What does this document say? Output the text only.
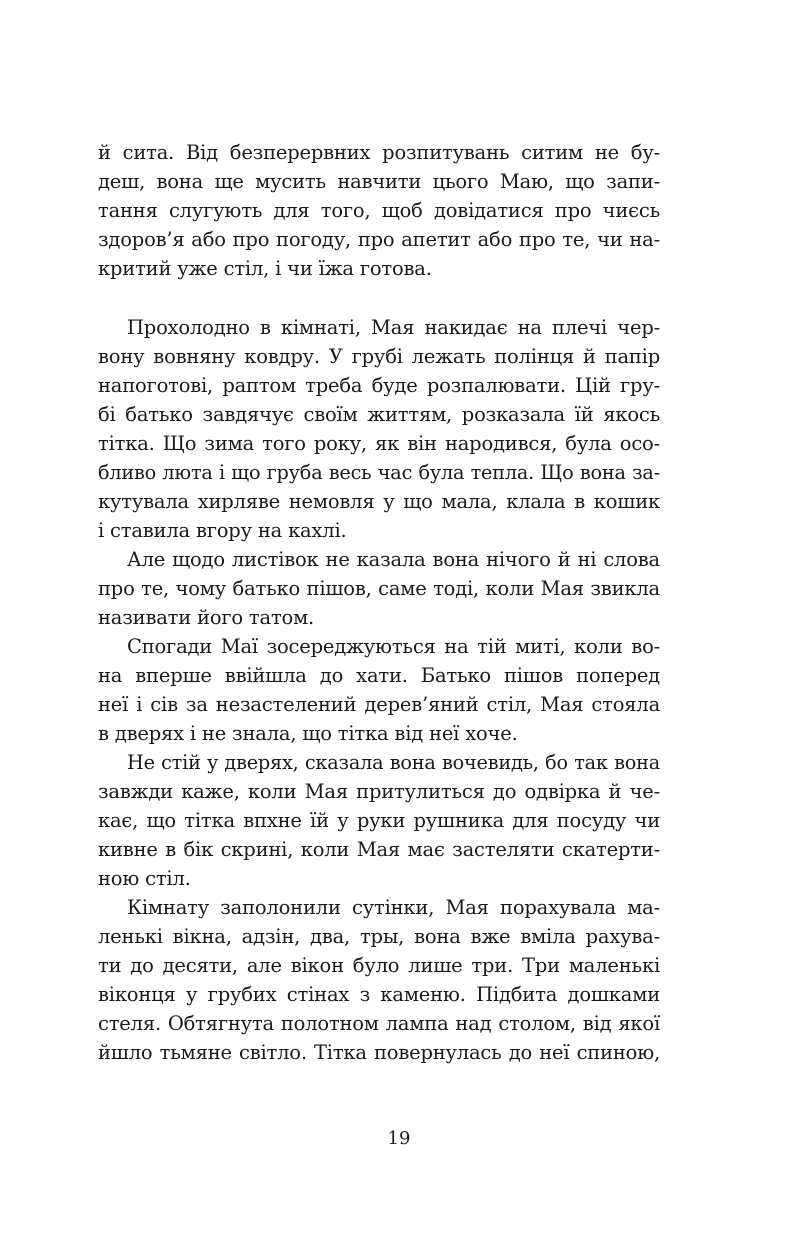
й сита. Від безперервних розпитувань ситим не бу-
деш, вона ще мусить навчити цього Маю, що запи-
тання слугують для того, щоб довідатися про чиєсь
здоров’я або про погоду, про апетит або про те, чи на-
критий уже стіл, і чи їжа готова.
Прохолодно в кімнаті, Мая накидає на плечі чер-
вону вовняну ковдру. У грубі лежать полінця й папір
напоготові, раптом треба буде розпалювати. Цій гру-
бі батько завдячує своїм життям, розказала їй якось
тітка. Що зима того року, як він народився, була осо-
бливо люта і що груба весь час була тепла. Що вона за-
кутувала хирляве немовля у що мала, клала в кошик
і ставила вгору на кахлі.
Але щодо листівок не казала вона нічого й ні слова
про те, чому батько пішов, саме тоді, коли Мая звикла
називати його татом.
Спогади Маї зосереджуються на тій миті, коли во-
на вперше ввійшла до хати. Батько пішов поперед
неї і сів за незастелений дерев’яний стіл, Мая стояла
в дверях і не знала, що тітка від неї хоче.
Не стій у дверях, сказала вона вочевидь, бо так вона
завжди каже, коли Мая притулиться до одвірка й че-
кає, що тітка впхне їй у руки рушника для посуду чи
кивне в бік скрині, коли Мая має застеляти скатерти-
ною стіл.
Кімнату заполонили сутінки, Мая порахувала ма-
ленькі вікна, адзін, два, тры, вона вже вміла рахува-
ти до десяти, але вікон було лише три. Три маленькі
віконця у грубих стінах з каменю. Підбита дошками
стеля. Обтягнута полотном лампа над столом, від якої
йшло тьмяне світло. Тітка повернулась до неї спиною,
19
